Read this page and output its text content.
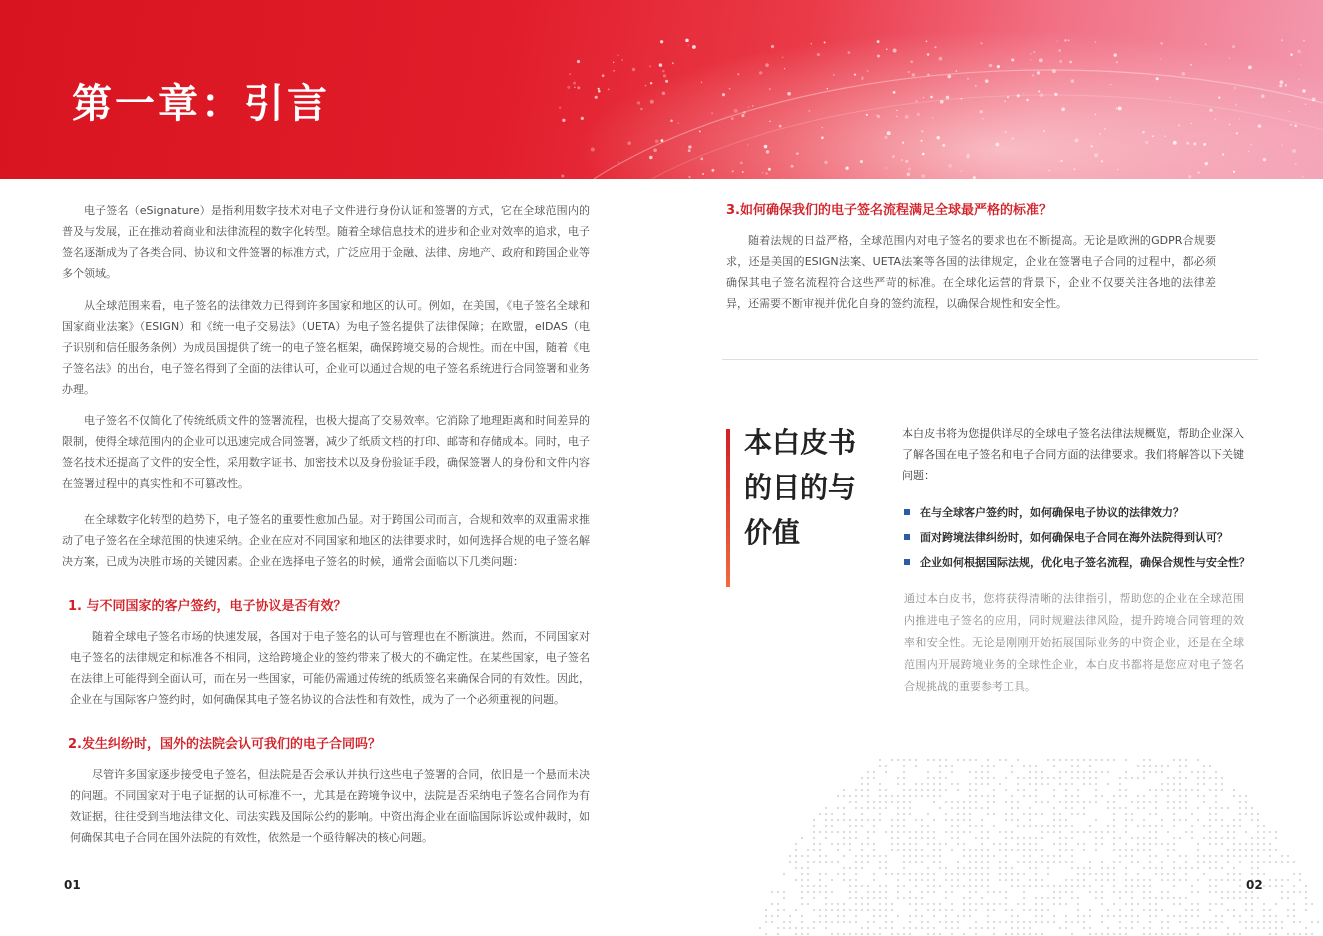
第一章：引言

电子签名（eSignature）是指利用数字技术对电子文件进行身份认证和签署的方式，它在全球范围内的普及与发展，正在推动着商业和法律流程的数字化转型。随着全球信息技术的进步和企业对效率的追求，电子签名逐渐成为了各类合同、协议和文件签署的标准方式，广泛应用于金融、法律、房地产、政府和跨国企业等多个领域。

从全球范围来看，电子签名的法律效力已得到许多国家和地区的认可。例如，在美国，《电子签名全球和国家商业法案》（ESIGN）和《统一电子交易法》（UETA）为电子签名提供了法律保障；在欧盟，eIDAS（电子识别和信任服务条例）为成员国提供了统一的电子签名框架，确保跨境交易的合规性。而在中国，随着《电子签名法》的出台，电子签名得到了全面的法律认可，企业可以通过合规的电子签名系统进行合同签署和业务办理。

电子签名不仅简化了传统纸质文件的签署流程，也极大提高了交易效率。它消除了地理距离和时间差异的限制，使得全球范围内的企业可以迅速完成合同签署，减少了纸质文档的打印、邮寄和存储成本。同时，电子签名技术还提高了文件的安全性，采用数字证书、加密技术以及身份验证手段，确保签署人的身份和文件内容在签署过程中的真实性和不可篡改性。

在全球数字化转型的趋势下，电子签名的重要性愈加凸显。对于跨国公司而言，合规和效率的双重需求推动了电子签名在全球范围的快速采纳。企业在应对不同国家和地区的法律要求时，如何选择合规的电子签名解决方案，已成为决胜市场的关键因素。企业在选择电子签名的时候，通常会面临以下几类问题：

1. 与不同国家的客户签约，电子协议是否有效？

随着全球电子签名市场的快速发展，各国对于电子签名的认可与管理也在不断演进。然而，不同国家对电子签名的法律规定和标准各不相同，这给跨境企业的签约带来了极大的不确定性。在某些国家，电子签名在法律上可能得到全面认可，而在另一些国家，可能仍需通过传统的纸质签名来确保合同的有效性。因此，企业在与国际客户签约时，如何确保其电子签名协议的合法性和有效性，成为了一个必须重视的问题。

2.发生纠纷时，国外的法院会认可我们的电子合同吗？

尽管许多国家逐步接受电子签名，但法院是否会承认并执行这些电子签署的合同，依旧是一个悬而未决的问题。不同国家对于电子证据的认可标准不一，尤其是在跨境争议中，法院是否采纳电子签名合同作为有效证据，往往受到当地法律文化、司法实践及国际公约的影响。中资出海企业在面临国际诉讼或仲裁时，如何确保其电子合同在国外法院的有效性，依然是一个亟待解决的核心问题。

01

3.如何确保我们的电子签名流程满足全球最严格的标准？

随着法规的日益严格，全球范围内对电子签名的要求也在不断提高。无论是欧洲的GDPR合规要求，还是美国的ESIGN法案、UETA法案等各国的法律规定，企业在签署电子合同的过程中，都必须确保其电子签名流程符合这些严苛的标准。在全球化运营的背景下，企业不仅要关注各地的法律差异，还需要不断审视并优化自身的签约流程，以确保合规性和安全性。

本白皮书的目的与价值

本白皮书将为您提供详尽的全球电子签名法律法规概览，帮助企业深入了解各国在电子签名和电子合同方面的法律要求。我们将解答以下关键问题：

在与全球客户签约时，如何确保电子协议的法律效力？
面对跨境法律纠纷时，如何确保电子合同在海外法院得到认可？
企业如何根据国际法规，优化电子签名流程，确保合规性与安全性？

通过本白皮书，您将获得清晰的法律指引，帮助您的企业在全球范围内推进电子签名的应用，同时规避法律风险，提升跨境合同管理的效率和安全性。无论是刚刚开始拓展国际业务的中资企业，还是在全球范围内开展跨境业务的全球性企业，本白皮书都将是您应对电子签名合规挑战的重要参考工具。

02
